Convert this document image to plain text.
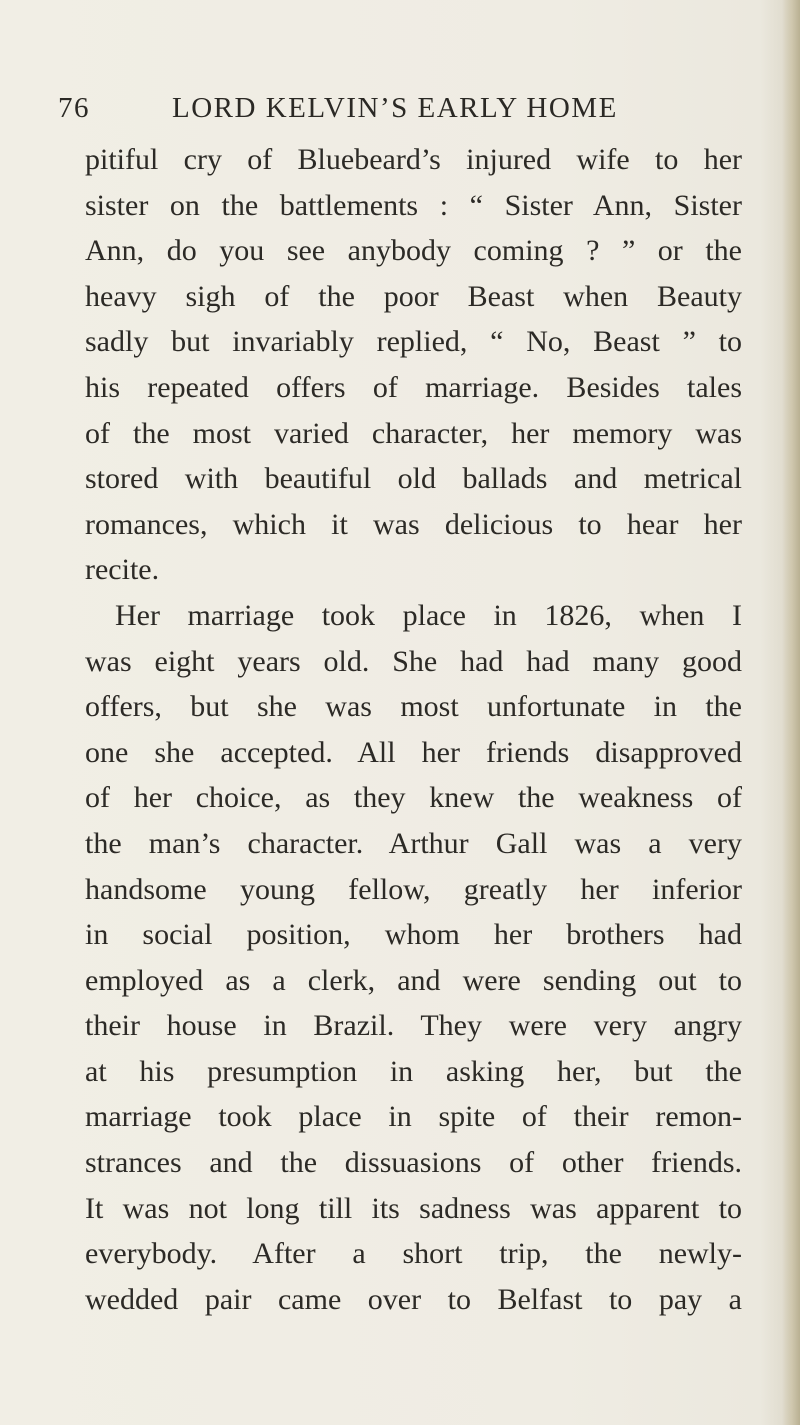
76	LORD KELVIN’S EARLY HOME
pitiful cry of Bluebeard’s injured wife to her
sister on the battlements : “ Sister Ann, Sister
Ann, do you see anybody coming ? ” or the
heavy sigh of the poor Beast when Beauty
sadly but invariably replied, “ No, Beast ” to
his repeated offers of marriage. Besides tales
of the most varied character, her memory was
stored with beautiful old ballads and metrical
romances, which it was delicious to hear her
recite.
Her marriage took place in 1826, when I
was eight years old. She had had many good
offers, but she was most unfortunate in the
one she accepted. All her friends disapproved
of her choice, as they knew the weakness of
the man’s character. Arthur Gall was a very
handsome young fellow, greatly her inferior
in social position, whom her brothers had
employed as a clerk, and were sending out to
their house in Brazil. They were very angry
at his presumption in asking her, but the
marriage took place in spite of their remon-
strances and the dissuasions of other friends.
It was not long till its sadness was apparent to
everybody. After a short trip, the newly-
wedded pair came over to Belfast to pay a
